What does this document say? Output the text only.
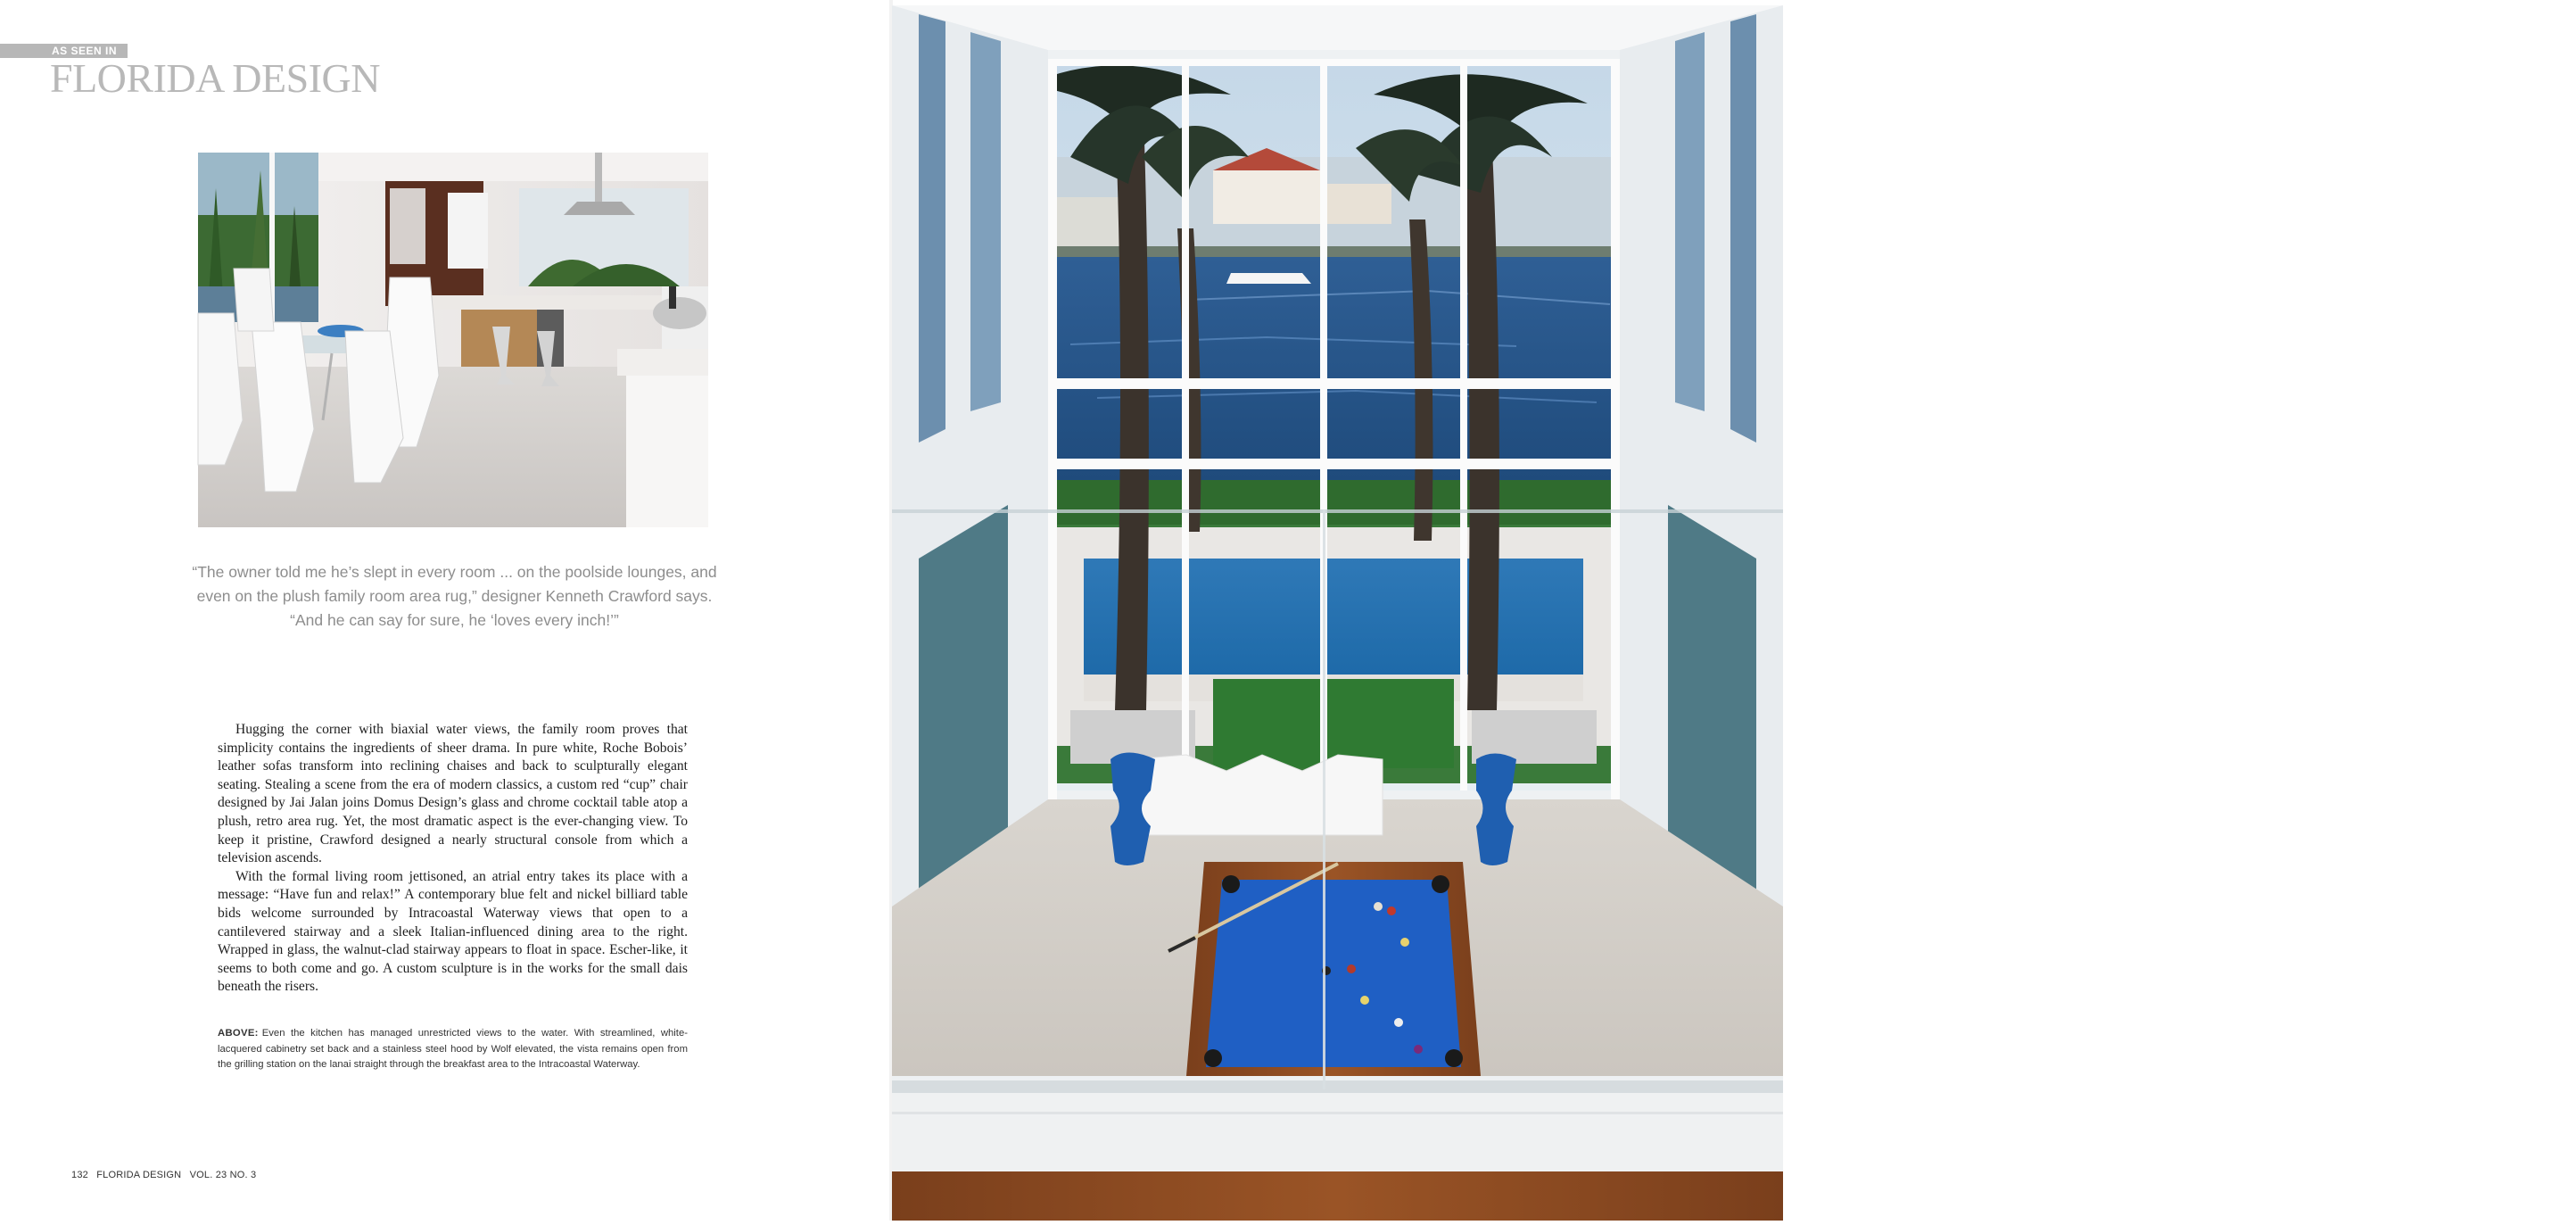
AS SEEN IN
FLORIDA DESIGN
“The owner told me he’s slept in every room ... on the poolside lounges, and even on the plush family room area rug,” designer Kenneth Crawford says. “And he can say for sure, he ‘loves every inch!’”

Hugging the corner with biaxial water views, the family room proves that simplicity contains the ingredients of sheer drama. In pure white, Roche Bobois’ leather sofas transform into reclining chaises and back to sculpturally elegant seating. Stealing a scene from the era of modern classics, a custom red “cup” chair designed by Jai Jalan joins Domus Design’s glass and chrome cocktail table atop a plush, retro area rug. Yet, the most dramatic aspect is the ever-changing view. To keep it pristine, Crawford designed a nearly structural console from which a television ascends.

With the formal living room jettisoned, an atrial entry takes its place with a message: “Have fun and relax!” A contemporary blue felt and nickel billiard table bids welcome surrounded by Intracoastal Waterway views that open to a cantilevered stairway and a sleek Italian-influenced dining area to the right. Wrapped in glass, the walnut-clad stairway appears to float in space. Escher-like, it seems to both come and go. A custom sculpture is in the works for the small dais beneath the risers.

ABOVE: Even the kitchen has managed unrestricted views to the water. With streamlined, white-lacquered cabinetry set back and a stainless steel hood by Wolf elevated, the vista remains open from the grilling station on the lanai straight through the breakfast area to the Intracoastal Waterway.
132 FLORIDA DESIGN VOL. 23 NO. 3
The uniquely blue and walnut-trimmed table from Mitchell Exclusive Billiards takes prominence in the entry, where Brueton’s angular, white leather bench from E.G. Cody provides a scenic spot to sit and wait for the next turn at play.
